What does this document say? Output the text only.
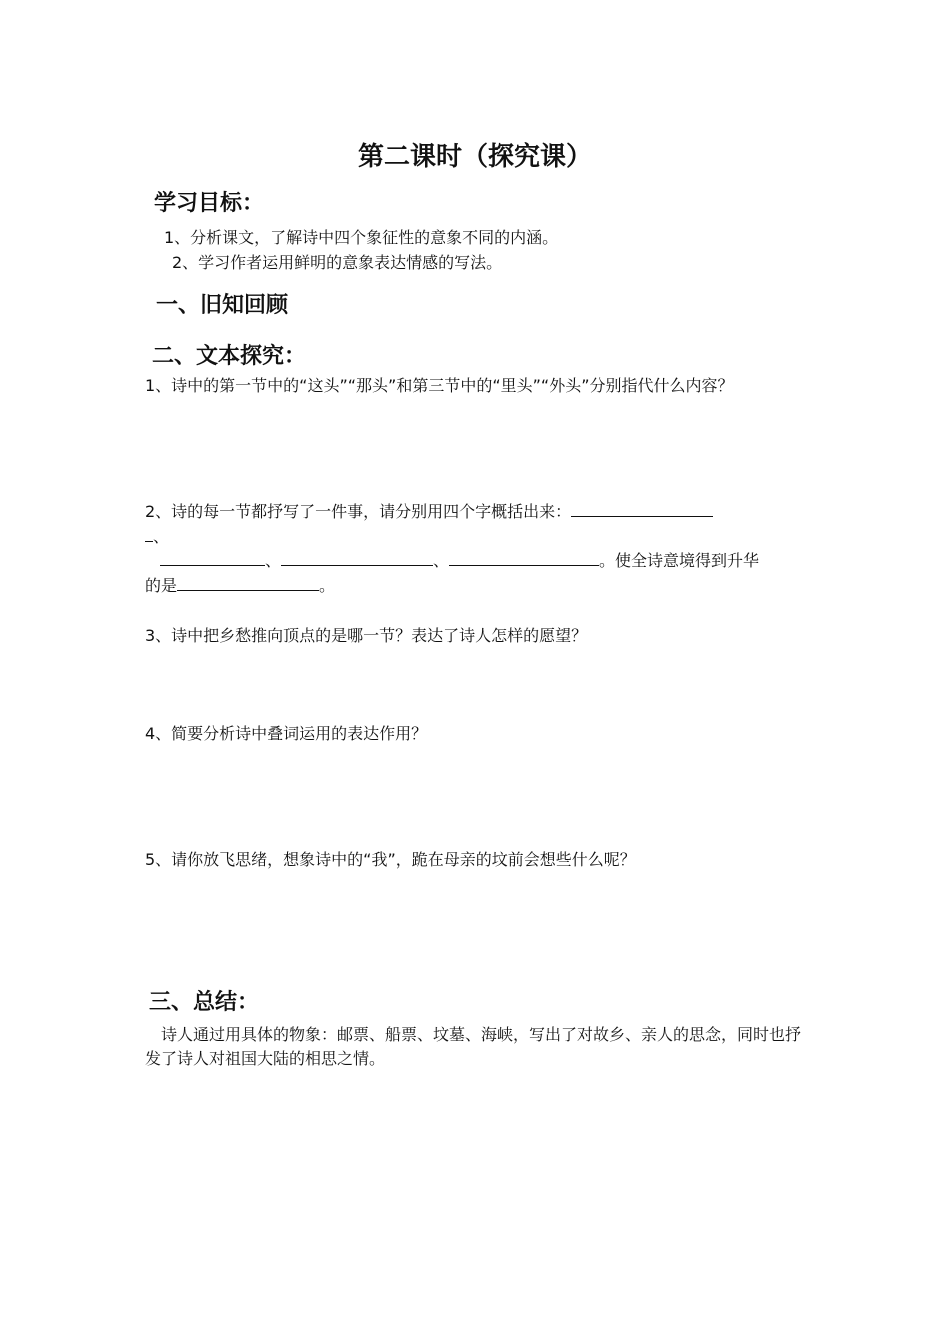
第二课时（探究课）
学习目标：
1、分析课文，了解诗中四个象征性的意象不同的内涵。
2、学习作者运用鲜明的意象表达情感的写法。
一、旧知回顾
二、文本探究：
1、诗中的第一节中的“这头”“那头”和第三节中的“里头”“外头”分别指代什么内容？
2、诗的每一节都抒写了一件事，请分别用四个字概括出来：
、
、	、	。使全诗意境得到升华
的是	。
3、诗中把乡愁推向顶点的是哪一节？表达了诗人怎样的愿望？
4、简要分析诗中叠词运用的表达作用？
5、请你放飞思绪，想象诗中的“我”，跪在母亲的坟前会想些什么呢？
三、总结：
诗人通过用具体的物象：邮票、船票、坟墓、海峡，写出了对故乡、亲人的思念，同时也抒发了诗人对祖国大陆的相思之情。
